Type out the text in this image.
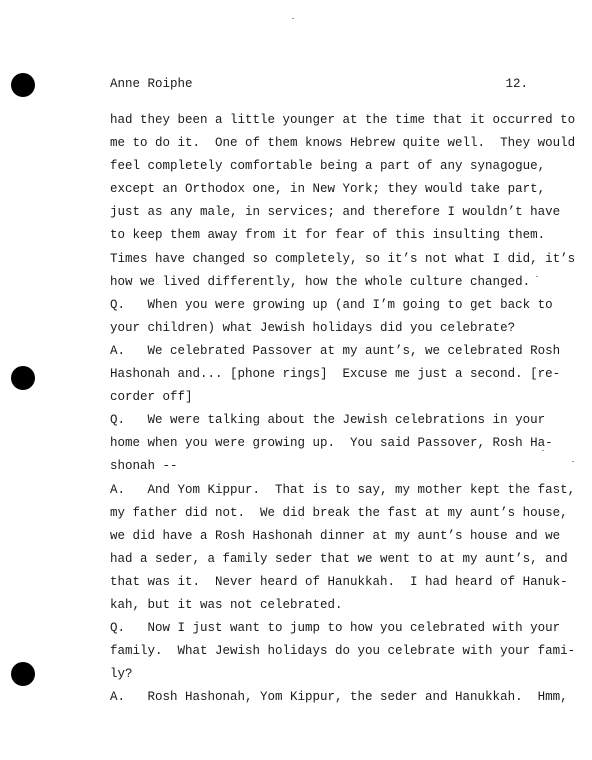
Anne Roiphe	12.
had they been a little younger at the time that it occurred to
me to do it.  One of them knows Hebrew quite well.  They would
feel completely comfortable being a part of any synagogue,
except an Orthodox one, in New York; they would take part,
just as any male, in services; and therefore I wouldn’t have
to keep them away from it for fear of this insulting them.
Times have changed so completely, so it’s not what I did, it’s
how we lived differently, how the whole culture changed.
Q.   When you were growing up (and I’m going to get back to
your children) what Jewish holidays did you celebrate?
A.   We celebrated Passover at my aunt’s, we celebrated Rosh
Hashonah and... [phone rings]  Excuse me just a second. [re-
corder off]
Q.   We were talking about the Jewish celebrations in your
home when you were growing up.  You said Passover, Rosh Ha-
shonah --
A.   And Yom Kippur.  That is to say, my mother kept the fast,
my father did not.  We did break the fast at my aunt’s house,
we did have a Rosh Hashonah dinner at my aunt’s house and we
had a seder, a family seder that we went to at my aunt’s, and
that was it.  Never heard of Hanukkah.  I had heard of Hanuk-
kah, but it was not celebrated.
Q.   Now I just want to jump to how you celebrated with your
family.  What Jewish holidays do you celebrate with your fami-
ly?
A.   Rosh Hashonah, Yom Kippur, the seder and Hanukkah.  Hmm,
